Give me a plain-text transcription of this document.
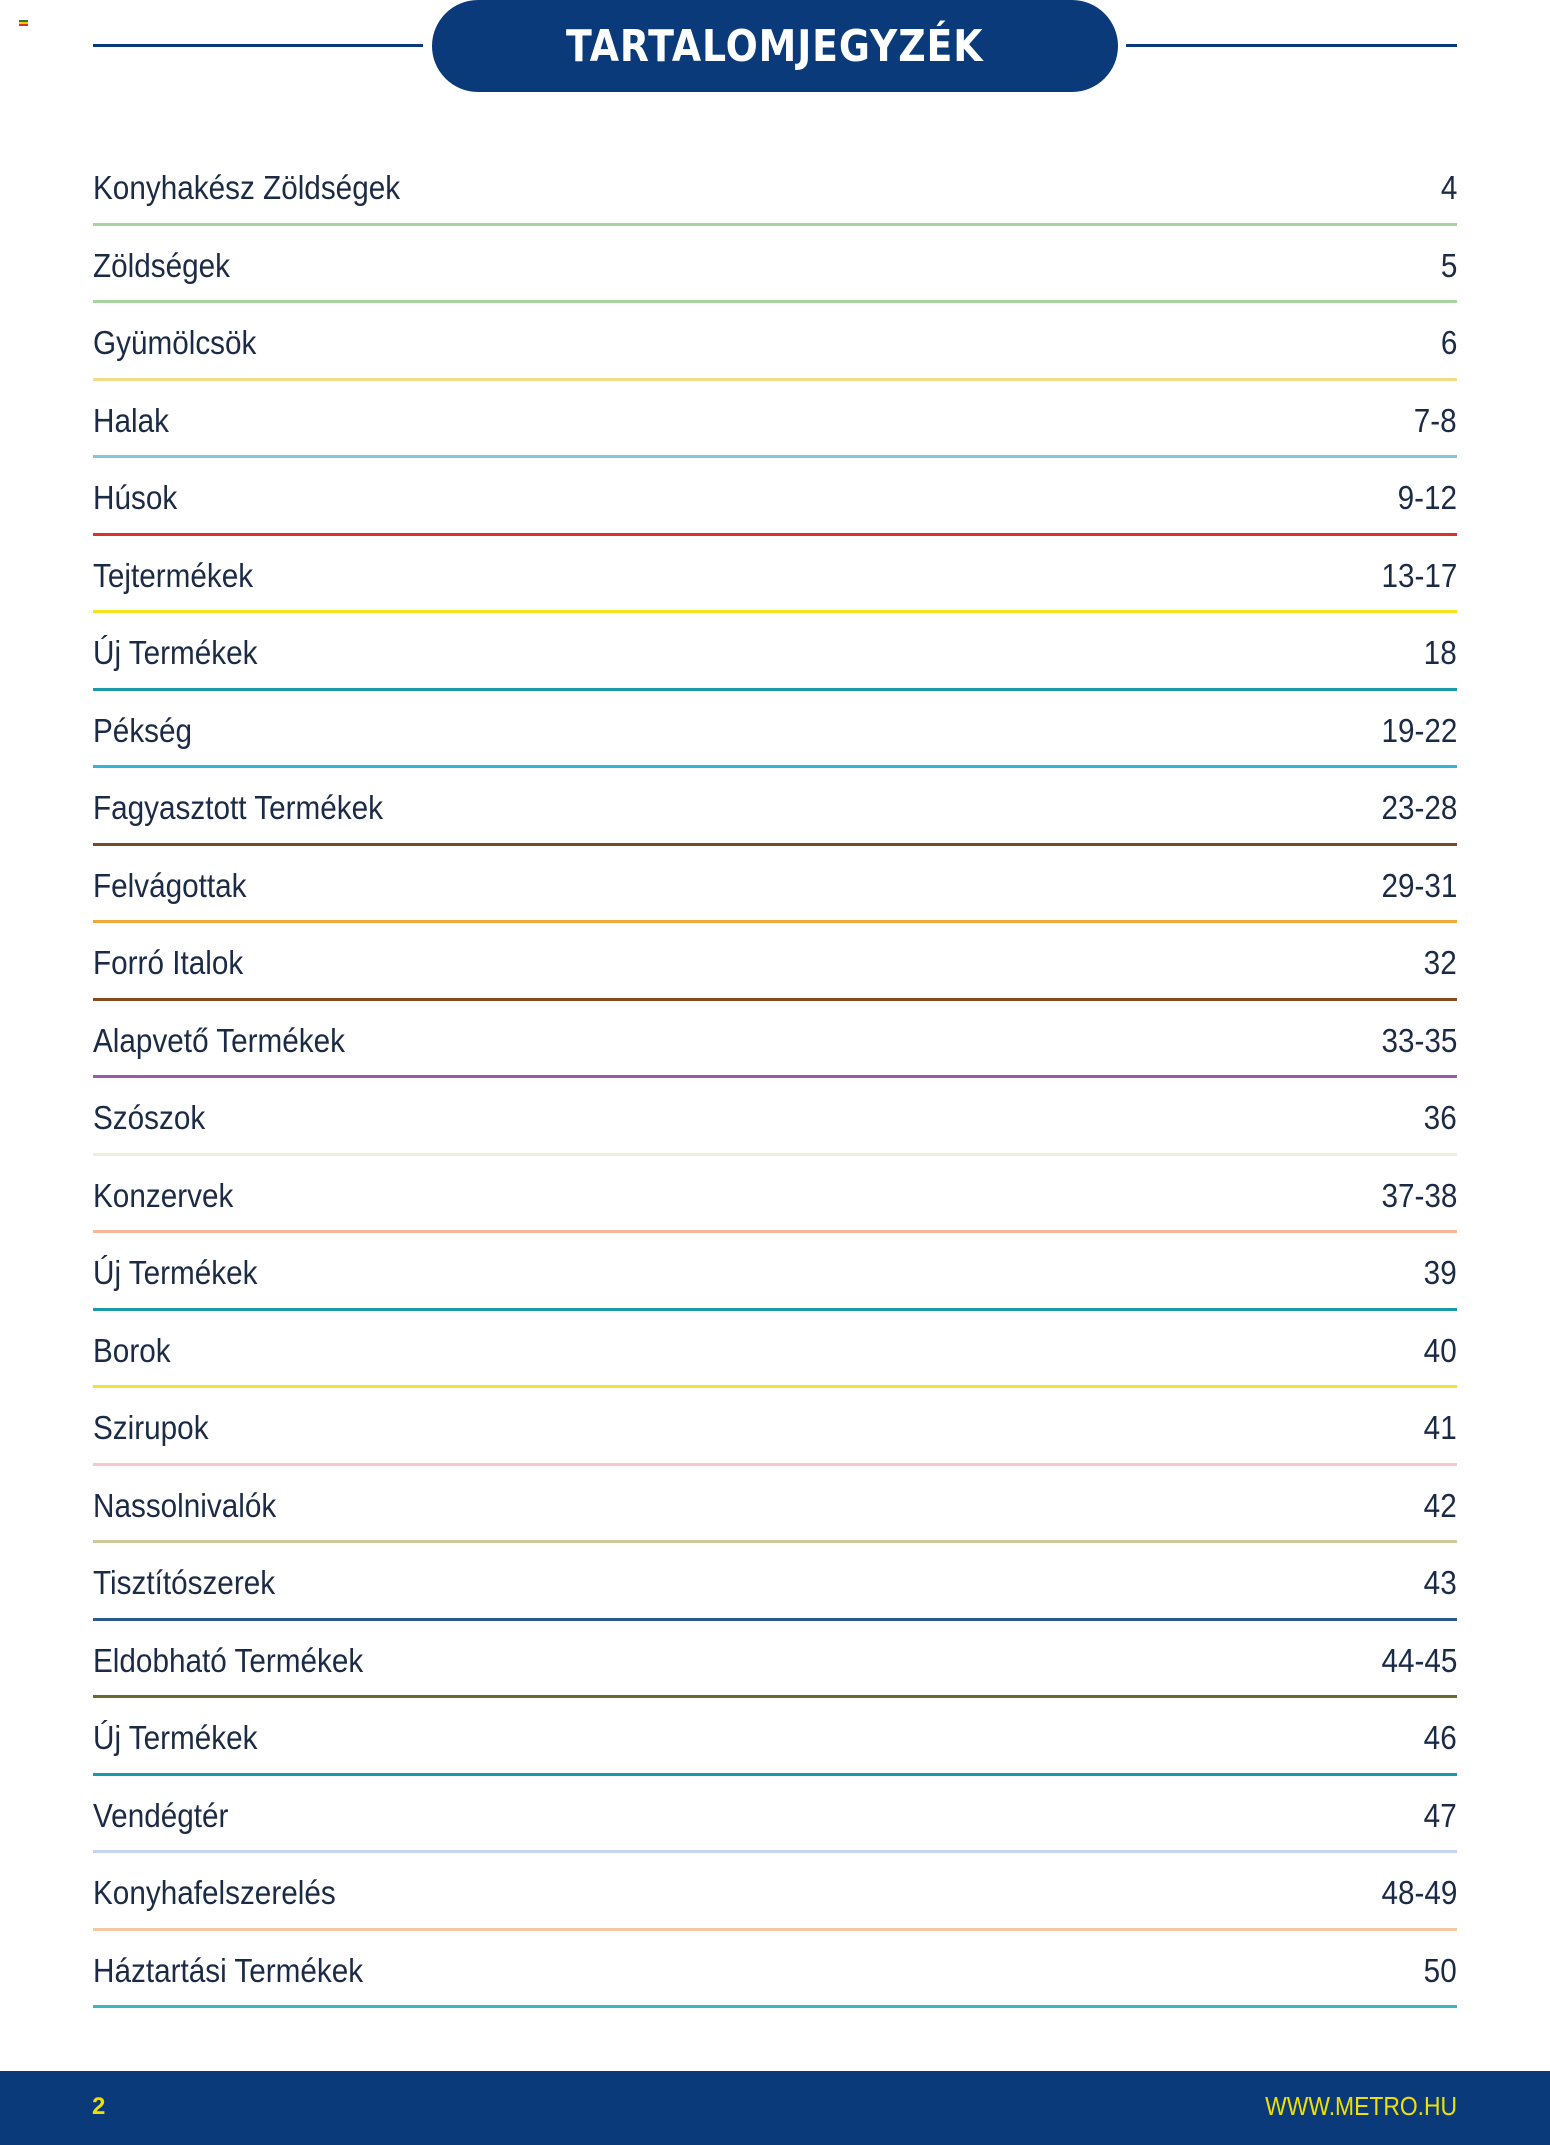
TARTALOMJEGYZÉK
Konyhakész Zöldségek	4
Zöldségek	5
Gyümölcsök	6
Halak	7-8
Húsok	9-12
Tejtermékek	13-17
Új Termékek	18
Pékség	19-22
Fagyasztott Termékek	23-28
Felvágottak	29-31
Forró Italok	32
Alapvető Termékek	33-35
Szószok	36
Konzervek	37-38
Új Termékek	39
Borok	40
Szirupok	41
Nassolnivalók	42
Tisztítószerek	43
Eldobható Termékek	44-45
Új Termékek	46
Vendégtér	47
Konyhafelszerelés	48-49
Háztartási Termékek	50
2	WWW.METRO.HU
